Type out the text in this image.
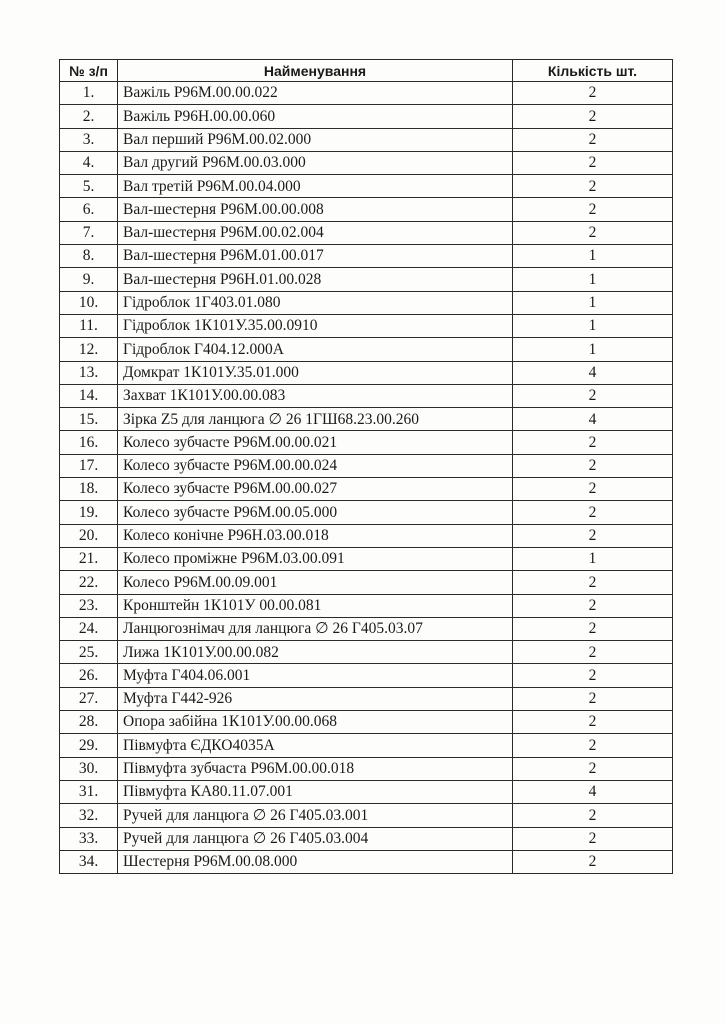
№ з/п	Найменування	Кількість шт.
1.	Важіль Р96М.00.00.022	2
2.	Важіль Р96Н.00.00.060	2
3.	Вал перший Р96М.00.02.000	2
4.	Вал другий Р96М.00.03.000	2
5.	Вал третій Р96М.00.04.000	2
6.	Вал-шестерня Р96М.00.00.008	2
7.	Вал-шестерня Р96М.00.02.004	2
8.	Вал-шестерня Р96М.01.00.017	1
9.	Вал-шестерня Р96Н.01.00.028	1
10.	Гідроблок 1Г403.01.080	1
11.	Гідроблок 1К101У.35.00.0910	1
12.	Гідроблок Г404.12.000А	1
13.	Домкрат 1К101У.35.01.000	4
14.	Захват 1К101У.00.00.083	2
15.	Зірка Z5 для ланцюга ∅ 26 1ГШ68.23.00.260	4
16.	Колесо зубчасте Р96М.00.00.021	2
17.	Колесо зубчасте Р96М.00.00.024	2
18.	Колесо зубчасте Р96М.00.00.027	2
19.	Колесо зубчасте Р96М.00.05.000	2
20.	Колесо конічне Р96Н.03.00.018	2
21.	Колесо проміжне Р96М.03.00.091	1
22.	Колесо Р96М.00.09.001	2
23.	Кронштейн 1К101У 00.00.081	2
24.	Ланцюгознімач для ланцюга ∅ 26 Г405.03.07	2
25.	Лижа 1К101У.00.00.082	2
26.	Муфта Г404.06.001	2
27.	Муфта Г442-926	2
28.	Опора забійна 1К101У.00.00.068	2
29.	Півмуфта ЄДКО4035А	2
30.	Півмуфта зубчаста Р96М.00.00.018	2
31.	Півмуфта КА80.11.07.001	4
32.	Ручей для ланцюга ∅ 26 Г405.03.001	2
33.	Ручей для ланцюга ∅ 26 Г405.03.004	2
34.	Шестерня Р96М.00.08.000	2
